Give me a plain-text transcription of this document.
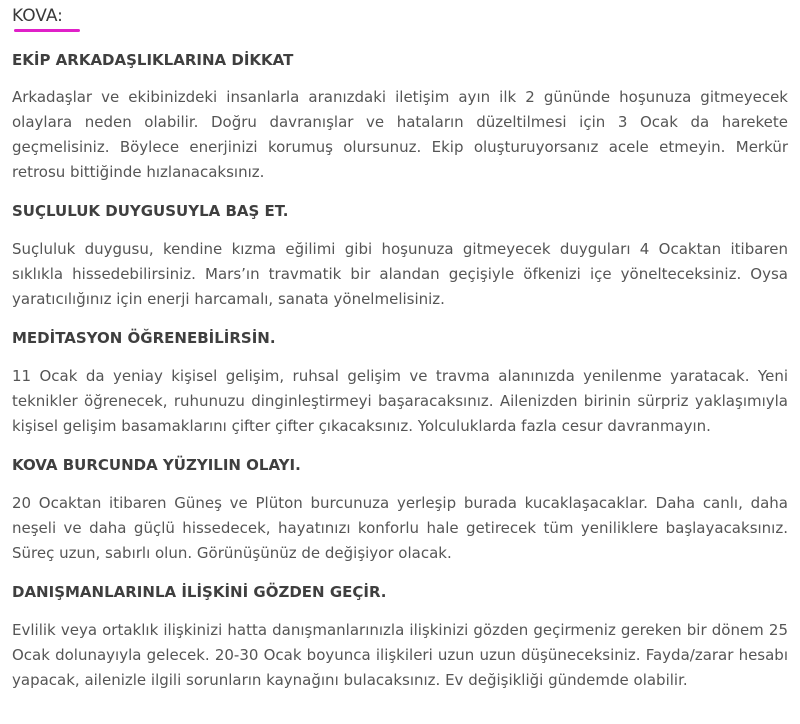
KOVA:
EKİP ARKADAŞLIKLARINA DİKKAT

Arkadaşlar ve ekibinizdeki insanlarla aranızdaki iletişim ayın ilk 2 gününde hoşunuza gitmeyecek olaylara neden olabilir. Doğru davranışlar ve hataların düzeltilmesi için 3 Ocak da harekete geçmelisiniz. Böylece enerjinizi korumuş olursunuz. Ekip oluşturuyorsanız acele etmeyin. Merkür retrosu bittiğinde hızlanacaksınız.

SUÇLULUK DUYGUSUYLA BAŞ ET.

Suçluluk duygusu, kendine kızma eğilimi gibi hoşunuza gitmeyecek duyguları 4 Ocaktan itibaren sıklıkla hissedebilirsiniz. Mars’ın travmatik bir alandan geçişiyle öfkenizi içe yönelteceksiniz. Oysa yaratıcılığınız için enerji harcamalı, sanata yönelmelisiniz.

MEDİTASYON ÖĞRENEBİLİRSİN.

11 Ocak da yeniay kişisel gelişim, ruhsal gelişim ve travma alanınızda yenilenme yaratacak. Yeni teknikler öğrenecek, ruhunuzu dinginleştirmeyi başaracaksınız. Ailenizden birinin sürpriz yaklaşımıyla kişisel gelişim basamaklarını çifter çifter çıkacaksınız. Yolculuklarda fazla cesur davranmayın.

KOVA BURCUNDA YÜZYILIN OLAYI.

20 Ocaktan itibaren Güneş ve Plüton burcunuza yerleşip burada kucaklaşacaklar. Daha canlı, daha neşeli ve daha güçlü hissedecek, hayatınızı konforlu hale getirecek tüm yeniliklere başlayacaksınız. Süreç uzun, sabırlı olun. Görünüşünüz de değişiyor olacak.

DANIŞMANLARINLA İLİŞKİNİ GÖZDEN GEÇİR.

Evlilik veya ortaklık ilişkinizi hatta danışmanlarınızla ilişkinizi gözden geçirmeniz gereken bir dönem 25 Ocak dolunayıyla gelecek. 20-30 Ocak boyunca ilişkileri uzun uzun düşüneceksiniz. Fayda/zarar hesabı yapacak, ailenizle ilgili sorunların kaynağını bulacaksınız. Ev değişikliği gündemde olabilir.
